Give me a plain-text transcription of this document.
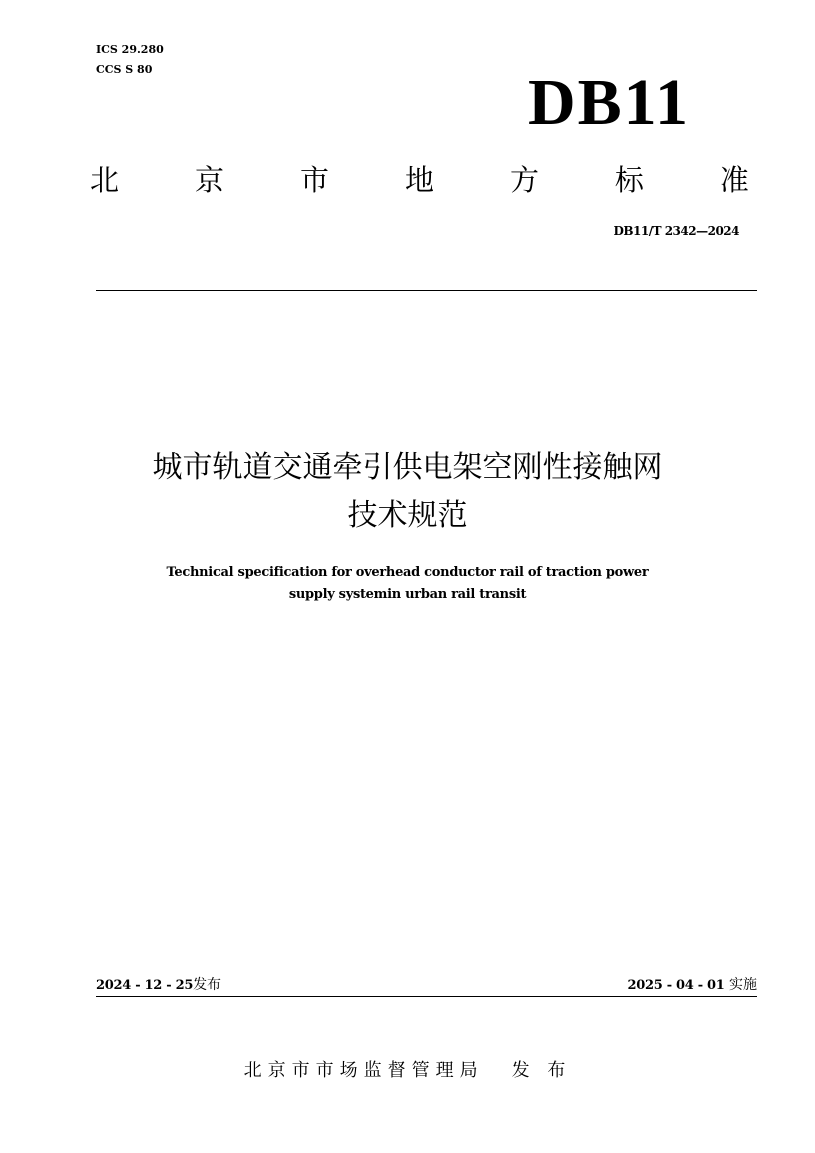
ICS 29.280
CCS S 80	DB11
北	京	市	地	方	标	准
DB11/T 2342—2024
城市轨道交通牵引供电架空刚性接触网
技术规范
Technical specification for overhead conductor rail of traction power
supply systemin urban rail transit
2024 - 12 - 25发布	2025 - 04 - 01 实施
北京市市场监督管理局 发 布
